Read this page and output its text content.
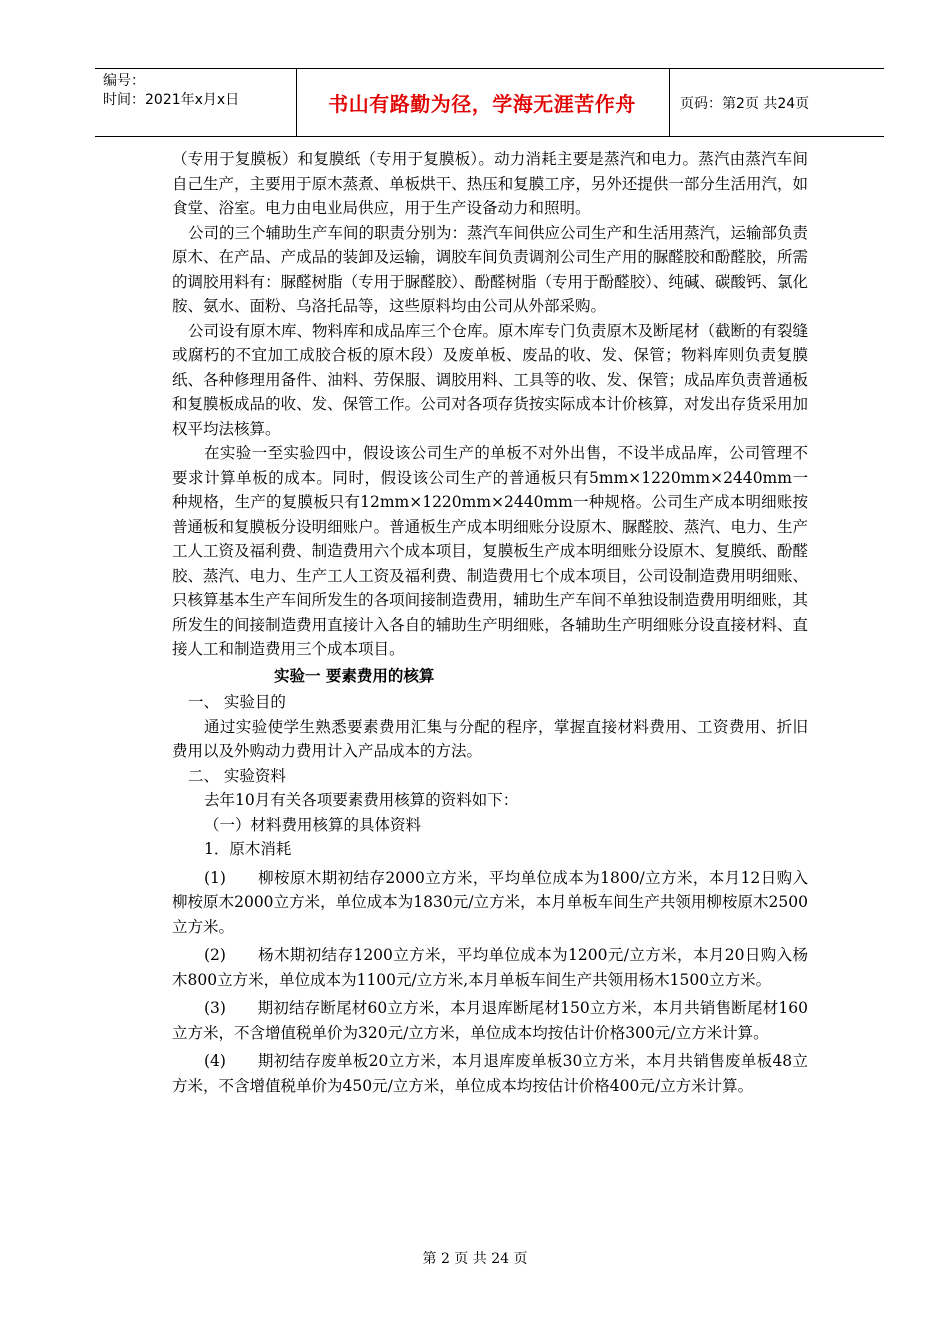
编号：
时间：2021年x月x日	书山有路勤为径，学海无涯苦作舟	页码：第2页 共24页

（专用于复膜板）和复膜纸（专用于复膜板）。动力消耗主要是蒸汽和电力。蒸汽由蒸汽车间自己生产，主要用于原木蒸煮、单板烘干、热压和复膜工序，另外还提供一部分生活用汽，如食堂、浴室。电力由电业局供应，用于生产设备动力和照明。

公司的三个辅助生产车间的职责分别为：蒸汽车间供应公司生产和生活用蒸汽，运输部负责原木、在产品、产成品的装卸及运输，调胶车间负责调剂公司生产用的脲醛胶和酚醛胶，所需的调胶用料有：脲醛树脂（专用于脲醛胶）、酚醛树脂（专用于酚醛胶）、纯碱、碳酸钙、氯化胺、氨水、面粉、乌洛托品等，这些原料均由公司从外部采购。

公司设有原木库、物料库和成品库三个仓库。原木库专门负责原木及断尾材（截断的有裂缝或腐朽的不宜加工成胶合板的原木段）及废单板、废品的收、发、保管；物料库则负责复膜纸、各种修理用备件、油料、劳保服、调胶用料、工具等的收、发、保管；成品库负责普通板和复膜板成品的收、发、保管工作。公司对各项存货按实际成本计价核算，对发出存货采用加权平均法核算。

在实验一至实验四中，假设该公司生产的单板不对外出售，不设半成品库，公司管理不要求计算单板的成本。同时，假设该公司生产的普通板只有5mm×1220mm×2440mm一种规格，生产的复膜板只有12mm×1220mm×2440mm一种规格。公司生产成本明细账按普通板和复膜板分设明细账户。普通板生产成本明细账分设原木、脲醛胶、蒸汽、电力、生产工人工资及福利费、制造费用六个成本项目，复膜板生产成本明细账分设原木、复膜纸、酚醛胶、蒸汽、电力、生产工人工资及福利费、制造费用七个成本项目，公司设制造费用明细账、只核算基本生产车间所发生的各项间接制造费用，辅助生产车间不单独设制造费用明细账，其所发生的间接制造费用直接计入各自的辅助生产明细账，各辅助生产明细账分设直接材料、直接人工和制造费用三个成本项目。

实验一 要素费用的核算

一、 实验目的

通过实验使学生熟悉要素费用汇集与分配的程序，掌握直接材料费用、工资费用、折旧费用以及外购动力费用计入产品成本的方法。

二、 实验资料

去年10月有关各项要素费用核算的资料如下：

（一）材料费用核算的具体资料

1．原木消耗

(1)　　柳桉原木期初结存2000立方米，平均单位成本为1800/立方米，本月12日购入柳桉原木2000立方米，单位成本为1830元/立方米，本月单板车间生产共领用柳桉原木2500立方米。

(2)　　杨木期初结存1200立方米，平均单位成本为1200元/立方米，本月20日购入杨木800立方米，单位成本为1100元/立方米,本月单板车间生产共领用杨木1500立方米。

(3)　　期初结存断尾材60立方米，本月退库断尾材150立方米，本月共销售断尾材160立方米，不含增值税单价为320元/立方米，单位成本均按估计价格300元/立方米计算。

(4)　　期初结存废单板20立方米，本月退库废单板30立方米，本月共销售废单板48立方米，不含增值税单价为450元/立方米，单位成本均按估计价格400元/立方米计算。

第 2 页 共 24 页
